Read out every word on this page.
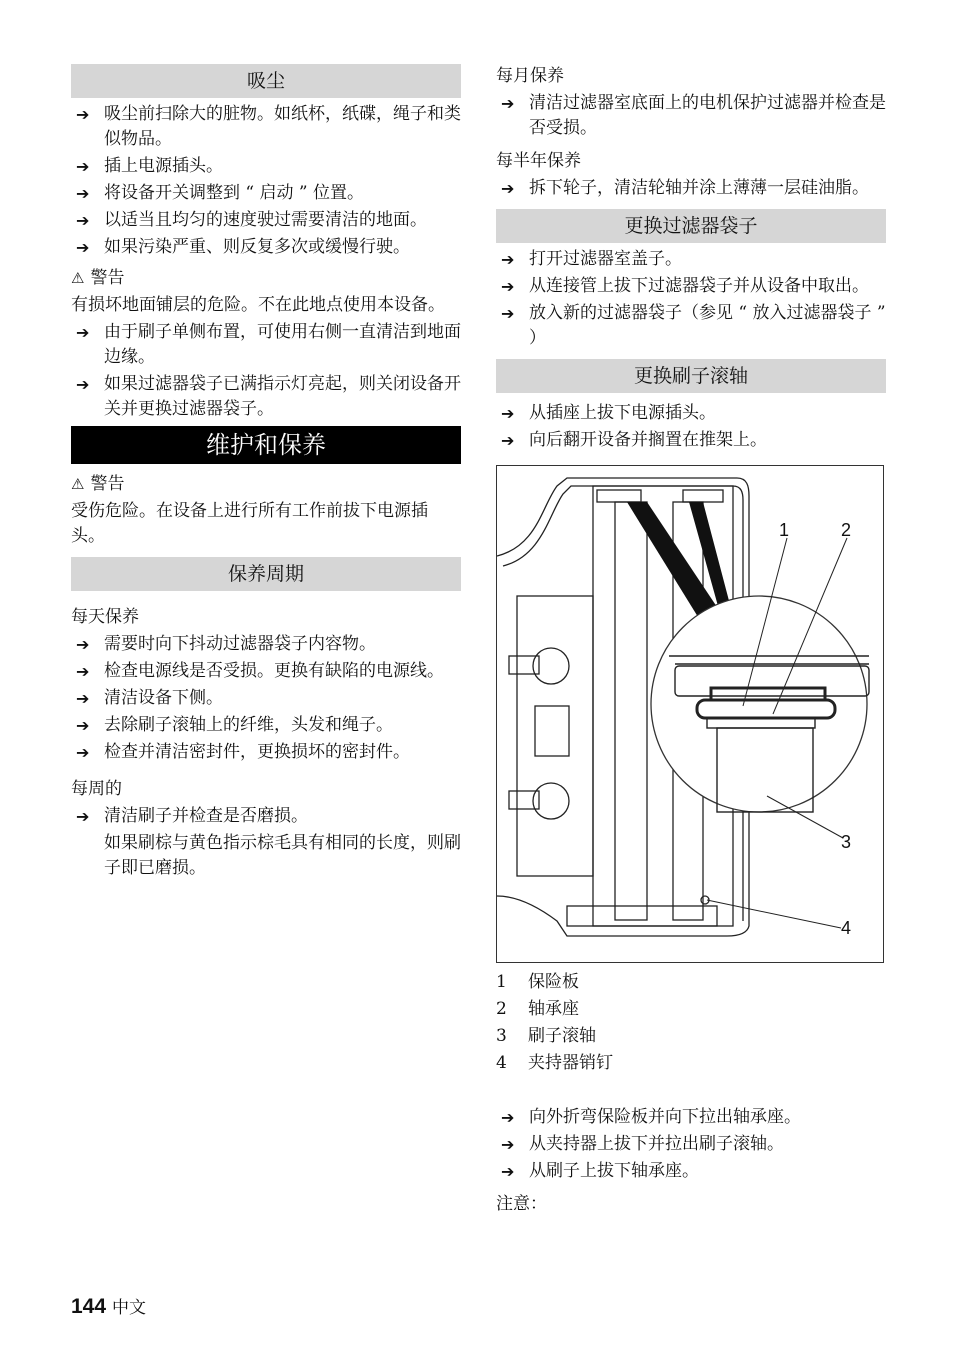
吸尘
➔ 吸尘前扫除大的脏物。如纸杯，纸碟，绳子和类似物品。
➔ 插上电源插头。
➔ 将设备开关调整到 “ 启动 ” 位置。
➔ 以适当且均匀的速度驶过需要清洁的地面。
➔ 如果污染严重、则反复多次或缓慢行驶。
⚠ 警告
有损坏地面铺层的危险。不在此地点使用本设备。
➔ 由于刷子单侧布置，可使用右侧一直清洁到地面边缘。
➔ 如果过滤器袋子已满指示灯亮起，则关闭设备开关并更换过滤器袋子。
维护和保养
⚠ 警告
受伤危险。在设备上进行所有工作前拔下电源插头。
保养周期
每天保养
➔ 需要时向下抖动过滤器袋子内容物。
➔ 检查电源线是否受损。更换有缺陷的电源线。
➔ 清洁设备下侧。
➔ 去除刷子滚轴上的纤维，头发和绳子。
➔ 检查并清洁密封件，更换损坏的密封件。
每周的
➔ 清洁刷子并检查是否磨损。
如果刷棕与黄色指示棕毛具有相同的长度，则刷子即已磨损。
每月保养
➔ 清洁过滤器室底面上的电机保护过滤器并检查是否受损。
每半年保养
➔ 拆下轮子，清洁轮轴并涂上薄薄一层硅油脂。
更换过滤器袋子
➔ 打开过滤器室盖子。
➔ 从连接管上拔下过滤器袋子并从设备中取出。
➔ 放入新的过滤器袋子（参见 “ 放入过滤器袋子 ” ）
更换刷子滚轴
➔ 从插座上拔下电源插头。
➔ 向后翻开设备并搁置在推架上。
1	2
3
4
1 保险板
2 轴承座
3 刷子滚轴
4 夹持器销钉
➔ 向外折弯保险板并向下拉出轴承座。
➔ 从夹持器上拔下并拉出刷子滚轴。
➔ 从刷子上拔下轴承座。
注意：
144 中文
